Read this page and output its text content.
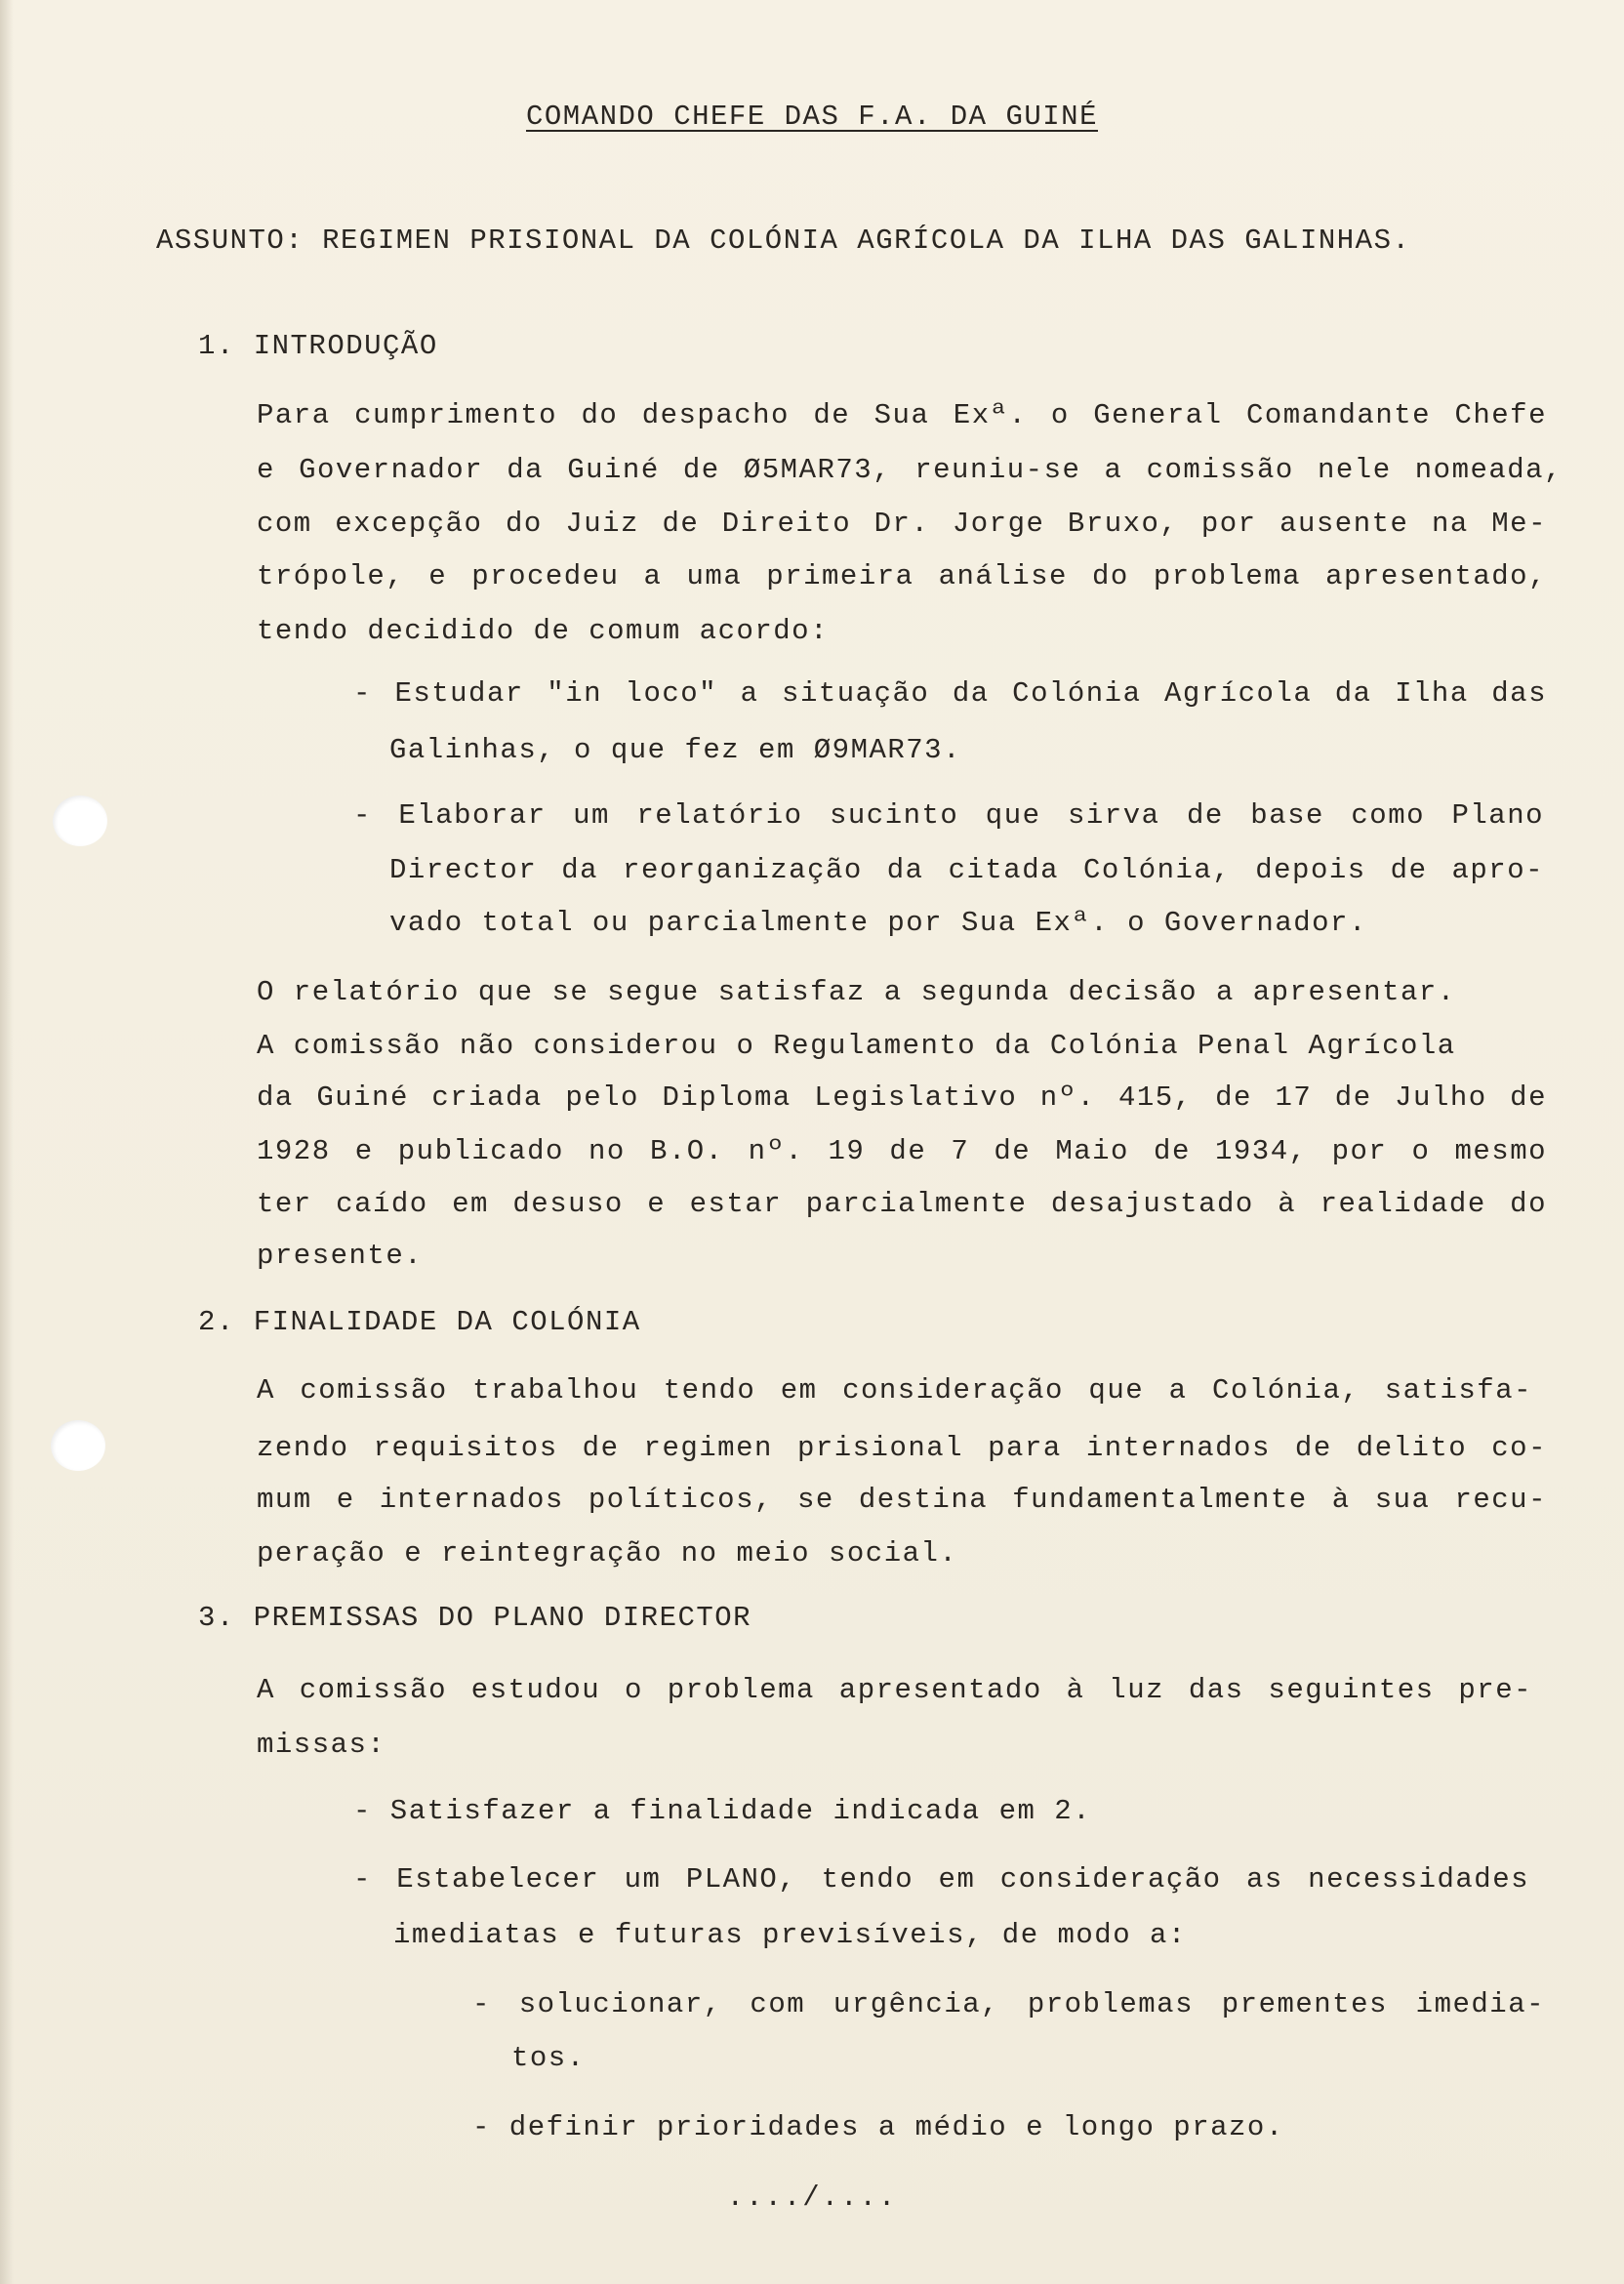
COMANDO CHEFE DAS F.A. DA GUINÉ
ASSUNTO: REGIMEN PRISIONAL DA COLÓNIA AGRÍCOLA DA ILHA DAS GALINHAS.
1. INTRODUÇÃO
Para cumprimento do despacho de Sua Exª. o General Comandante Chefe
e Governador da Guiné de Ø5MAR73, reuniu-se a comissão nele nomeada,
com excepção do Juiz de Direito Dr. Jorge Bruxo, por ausente na Me-
trópole, e procedeu a uma primeira análise do problema apresentado,
tendo decidido de comum acordo:
- Estudar "in loco" a situação da Colónia Agrícola da Ilha das
Galinhas, o que fez em Ø9MAR73.
- Elaborar um relatório sucinto que sirva de base como Plano
Director da reorganização da citada Colónia, depois de apro-
vado total ou parcialmente por Sua Exª. o Governador.
O relatório que se segue satisfaz a segunda decisão a apresentar.
A comissão não considerou o Regulamento da Colónia Penal Agrícola
da Guiné criada pelo Diploma Legislativo nº. 415, de 17 de Julho de
1928 e publicado no B.O. nº. 19 de 7 de Maio de 1934, por o mesmo
ter caído em desuso e estar parcialmente desajustado à realidade do
presente.
2. FINALIDADE DA COLÓNIA
A comissão trabalhou tendo em consideração que a Colónia, satisfa-
zendo requisitos de regimen prisional para internados de delito co-
mum e internados políticos, se destina fundamentalmente à sua recu-
peração e reintegração no meio social.
3. PREMISSAS DO PLANO DIRECTOR
A comissão estudou o problema apresentado à luz das seguintes pre-
missas:
- Satisfazer a finalidade indicada em 2.
- Estabelecer um PLANO, tendo em consideração as necessidades
imediatas e futuras previsíveis, de modo a:
- solucionar, com urgência, problemas prementes imedia-
tos.
- definir prioridades a médio e longo prazo.
..../....
